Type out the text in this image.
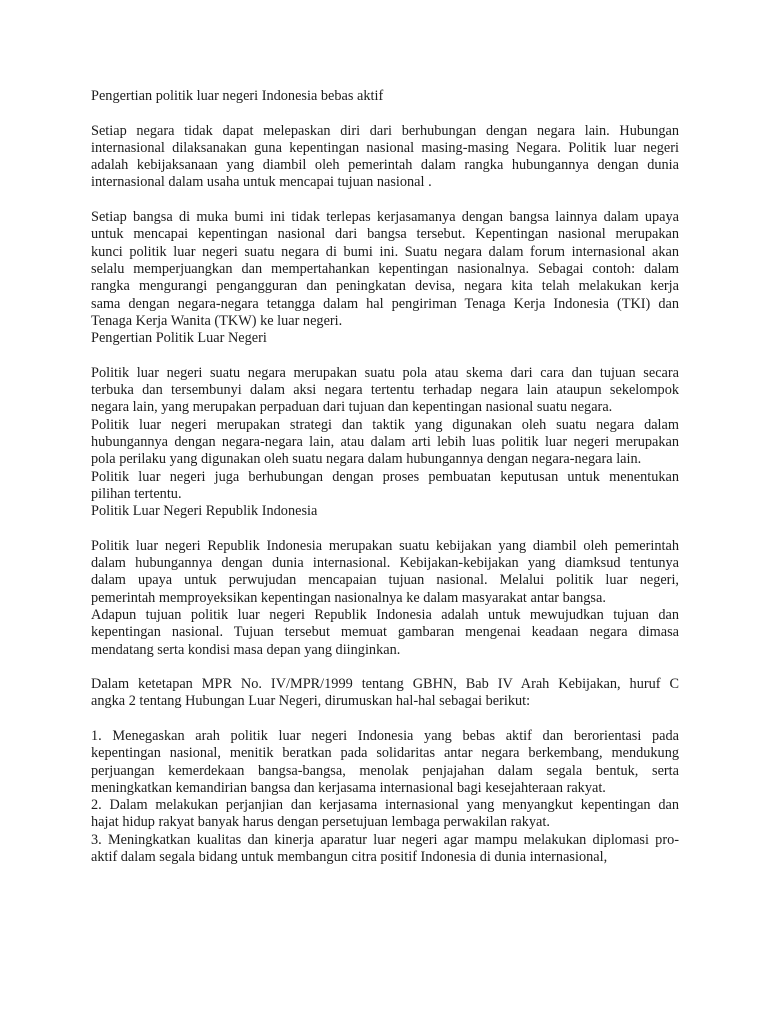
Pengertian politik luar negeri Indonesia bebas aktif
Setiap negara tidak dapat melepaskan diri dari berhubungan dengan negara lain. Hubungan
internasional dilaksanakan guna kepentingan nasional masing-masing Negara. Politik luar negeri
adalah kebijaksanaan yang diambil oleh pemerintah dalam rangka hubungannya dengan dunia
internasional dalam usaha untuk mencapai tujuan nasional .
Setiap bangsa di muka bumi ini tidak terlepas kerjasamanya dengan bangsa lainnya dalam upaya
untuk mencapai kepentingan nasional dari bangsa tersebut. Kepentingan nasional merupakan
kunci politik luar negeri suatu negara di bumi ini. Suatu negara dalam forum internasional akan
selalu memperjuangkan dan mempertahankan kepentingan nasionalnya. Sebagai contoh: dalam
rangka mengurangi pengangguran dan peningkatan devisa, negara kita telah melakukan kerja
sama dengan negara-negara tetangga dalam hal pengiriman Tenaga Kerja Indonesia (TKI) dan
Tenaga Kerja Wanita (TKW) ke luar negeri.
Pengertian Politik Luar Negeri
Politik luar negeri suatu negara merupakan suatu pola atau skema dari cara dan tujuan secara
terbuka dan tersembunyi dalam aksi negara tertentu terhadap negara lain ataupun sekelompok
negara lain, yang merupakan perpaduan dari tujuan dan kepentingan nasional suatu negara.
Politik luar negeri merupakan strategi dan taktik yang digunakan oleh suatu negara dalam
hubungannya dengan negara-negara lain, atau dalam arti lebih luas politik luar negeri merupakan
pola perilaku yang digunakan oleh suatu negara dalam hubungannya dengan negara-negara lain.
Politik luar negeri juga berhubungan dengan proses pembuatan keputusan untuk menentukan
pilihan tertentu.
Politik Luar Negeri Republik Indonesia
Politik luar negeri Republik Indonesia merupakan suatu kebijakan yang diambil oleh pemerintah
dalam hubungannya dengan dunia internasional. Kebijakan-kebijakan yang diamksud tentunya
dalam upaya untuk perwujudan mencapaian tujuan nasional. Melalui politik luar negeri,
pemerintah memproyeksikan kepentingan nasionalnya ke dalam masyarakat antar bangsa.
Adapun tujuan politik luar negeri Republik Indonesia adalah untuk mewujudkan tujuan dan
kepentingan nasional. Tujuan tersebut memuat gambaran mengenai keadaan negara dimasa
mendatang serta kondisi masa depan yang diinginkan.
Dalam ketetapan MPR No. IV/MPR/1999 tentang GBHN, Bab IV Arah Kebijakan, huruf C
angka 2 tentang Hubungan Luar Negeri, dirumuskan hal-hal sebagai berikut:
1. Menegaskan arah politik luar negeri Indonesia yang bebas aktif dan berorientasi pada
kepentingan nasional, menitik beratkan pada solidaritas antar negara berkembang, mendukung
perjuangan kemerdekaan bangsa-bangsa, menolak penjajahan dalam segala bentuk, serta
meningkatkan kemandirian bangsa dan kerjasama internasional bagi kesejahteraan rakyat.
2. Dalam melakukan perjanjian dan kerjasama internasional yang menyangkut kepentingan dan
hajat hidup rakyat banyak harus dengan persetujuan lembaga perwakilan rakyat.
3. Meningkatkan kualitas dan kinerja aparatur luar negeri agar mampu melakukan diplomasi pro-
aktif dalam segala bidang untuk membangun citra positif Indonesia di dunia internasional,
